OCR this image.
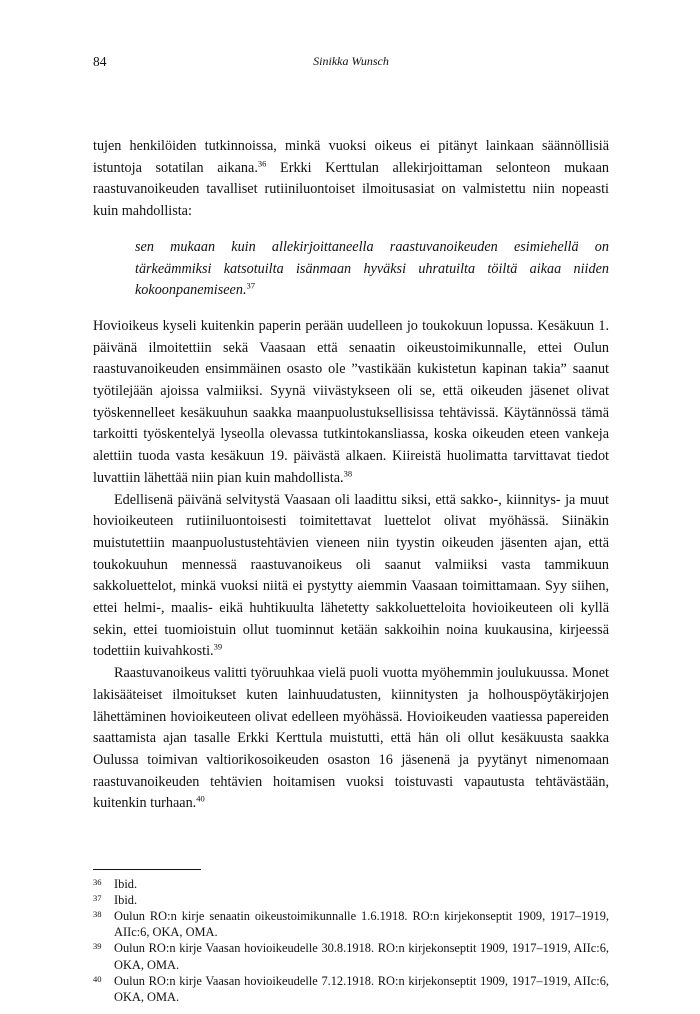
84	Sinikka Wunsch

tujen henkilöiden tutkinnoissa, minkä vuoksi oikeus ei pitänyt lainkaan säännöllisiä istuntoja sotatilan aikana.$^{36}$ Erkki Kerttulan allekirjoittaman selonteon mukaan raastuvanoikeuden tavalliset rutiiniluontoiset ilmoitusasiat on valmistettu niin nopeasti kuin mahdollista:

sen mukaan kuin allekirjoittaneella raastuvanoikeuden esimiehellä on tärkeämmiksi katsotuilta isänmaan hyväksi uhratuilta töiltä aikaa niiden kokoonpanemiseen.$^{37}$

Hovioikeus kyseli kuitenkin paperin perään uudelleen jo toukokuun lopussa. Kesäkuun 1. päivänä ilmoitettiin sekä Vaasaan että senaatin oikeustoimikunnalle, ettei Oulun raastuvanoikeuden ensimmäinen osasto ole ”vastikään kukistetun kapinan takia” saanut työtilejään ajoissa valmiiksi. Syynä viivästykseen oli se, että oikeuden jäsenet olivat työskennelleet kesäkuuhun saakka maanpuolustuksellisissa tehtävissä. Käytännössä tämä tarkoitti työskentelyä lyseolla olevassa tutkintokansliassa, koska oikeuden eteen vankeja alettiin tuoda vasta kesäkuun 19. päivästä alkaen. Kiireistä huolimatta tarvittavat tiedot luvattiin lähettää niin pian kuin mahdollista.$^{38}$

Edellisenä päivänä selvitystä Vaasaan oli laadittu siksi, että sakko-, kiinnitys- ja muut hovioikeuteen rutiiniluontoisesti toimitettavat luettelot olivat myöhässä. Siinäkin muistutettiin maanpuolustustehtävien vieneen niin tyystin oikeuden jäsenten ajan, että toukokuuhun mennessä raastuvanoikeus oli saanut valmiiksi vasta tammikuun sakkoluettelot, minkä vuoksi niitä ei pystytty aiemmin Vaasaan toimittamaan. Syy siihen, ettei helmi-, maalis- eikä huhtikuulta lähetetty sakkoluetteloita hovioikeuteen oli kyllä sekin, ettei tuomioistuin ollut tuominnut ketään sakkoihin noina kuukausina, kirjeessä todettiin kuivahkosti.$^{39}$

Raastuvanoikeus valitti työruuhkaa vielä puoli vuotta myöhemmin joulukuussa. Monet lakisääteiset ilmoitukset kuten lainhuudatusten, kiinnitysten ja holhouspöytäkirjojen lähettäminen hovioikeuteen olivat edelleen myöhässä. Hovioikeuden vaatiessa papereiden saattamista ajan tasalle Erkki Kerttula muistutti, että hän oli ollut kesäkuusta saakka Oulussa toimivan valtiorikosoikeuden osaston 16 jäsenenä ja pyytänyt nimenomaan raastuvanoikeuden tehtävien hoitamisen vuoksi toistuvasti vapautusta tehtävästään, kuitenkin turhaan.$^{40}$

36 Ibid.
37 Ibid.
38 Oulun RO:n kirje senaatin oikeustoimikunnalle 1.6.1918. RO:n kirjekonseptit 1909, 1917–1919, AIIc:6, OKA, OMA.
39 Oulun RO:n kirje Vaasan hovioikeudelle 30.8.1918. RO:n kirjekonseptit 1909, 1917–1919, AIIc:6, OKA, OMA.
40 Oulun RO:n kirje Vaasan hovioikeudelle 7.12.1918. RO:n kirjekonseptit 1909, 1917–1919, AIIc:6, OKA, OMA.
